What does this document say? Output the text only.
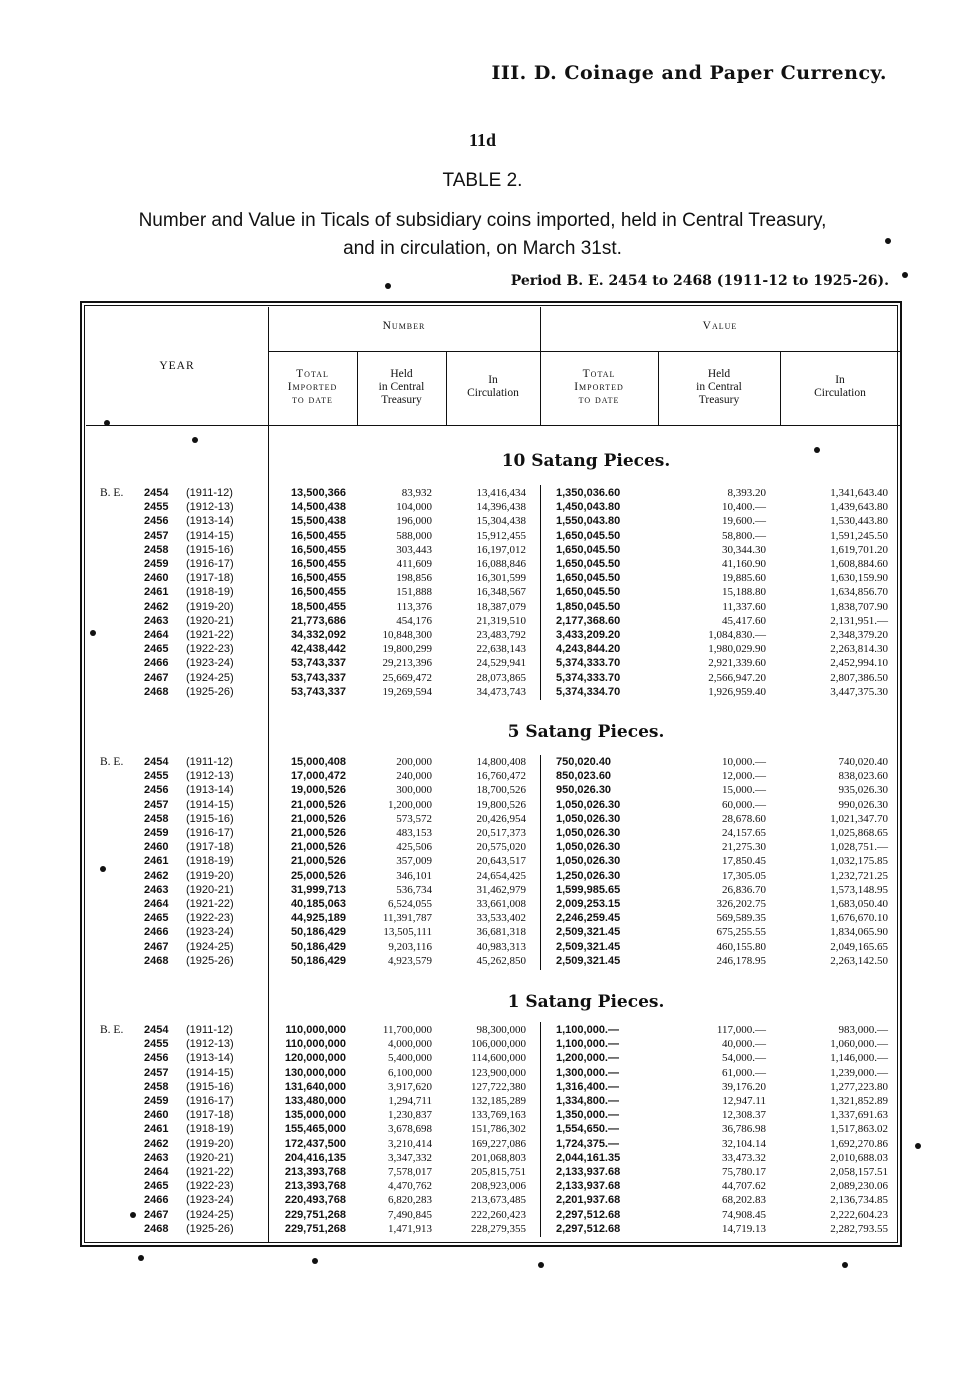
III. D. Coinage and Paper Currency.
11d
TABLE 2.
Number and Value in Ticals of subsidiary coins imported, held in Central Treasury,
and in circulation, on March 31st.
Period B. E. 2454 to 2468 (1911-12 to 1925-26).
YEAR
Number	Value
Total
Imported
to date
Held
in Central
Treasury
In
Circulation
Total
Imported
to date
Held
in Central
Treasury
In
Circulation
10 Satang Pieces.
B. E. 2454 (1911-12)	13,500,366	83,932	13,416,434	1,350,036.60	8,393.20	1,341,643.40
2455 (1912-13)	14,500,438	104,000	14,396,438	1,450,043.80	10,400.—	1,439,643.80
2456 (1913-14)	15,500,438	196,000	15,304,438	1,550,043.80	19,600.—	1,530,443.80
2457 (1914-15)	16,500,455	588,000	15,912,455	1,650,045.50	58,800.—	1,591,245.50
2458 (1915-16)	16,500,455	303,443	16,197,012	1,650,045.50	30,344.30	1,619,701.20
2459 (1916-17)	16,500,455	411,609	16,088,846	1,650,045.50	41,160.90	1,608,884.60
2460 (1917-18)	16,500,455	198,856	16,301,599	1,650,045.50	19,885.60	1,630,159.90
2461 (1918-19)	16,500,455	151,888	16,348,567	1,650,045.50	15,188.80	1,634,856.70
2462 (1919-20)	18,500,455	113,376	18,387,079	1,850,045.50	11,337.60	1,838,707.90
2463 (1920-21)	21,773,686	454,176	21,319,510	2,177,368.60	45,417.60	2,131,951.—
2464 (1921-22)	34,332,092	10,848,300	23,483,792	3,433,209.20	1,084,830.—	2,348,379.20
2465 (1922-23)	42,438,442	19,800,299	22,638,143	4,243,844.20	1,980,029.90	2,263,814.30
2466 (1923-24)	53,743,337	29,213,396	24,529,941	5,374,333.70	2,921,339.60	2,452,994.10
2467 (1924-25)	53,743,337	25,669,472	28,073,865	5,374,333.70	2,566,947.20	2,807,386.50
2468 (1925-26)	53,743,337	19,269,594	34,473,743	5,374,334.70	1,926,959.40	3,447,375.30
5 Satang Pieces.
B. E. 2454 (1911-12)	15,000,408	200,000	14,800,408	750,020.40	10,000.—	740,020.40
2455 (1912-13)	17,000,472	240,000	16,760,472	850,023.60	12,000.—	838,023.60
2456 (1913-14)	19,000,526	300,000	18,700,526	950,026.30	15,000.—	935,026.30
2457 (1914-15)	21,000,526	1,200,000	19,800,526	1,050,026.30	60,000.—	990,026.30
2458 (1915-16)	21,000,526	573,572	20,426,954	1,050,026.30	28,678.60	1,021,347.70
2459 (1916-17)	21,000,526	483,153	20,517,373	1,050,026.30	24,157.65	1,025,868.65
2460 (1917-18)	21,000,526	425,506	20,575,020	1,050,026.30	21,275.30	1,028,751.—
2461 (1918-19)	21,000,526	357,009	20,643,517	1,050,026.30	17,850.45	1,032,175.85
2462 (1919-20)	25,000,526	346,101	24,654,425	1,250,026.30	17,305.05	1,232,721.25
2463 (1920-21)	31,999,713	536,734	31,462,979	1,599,985.65	26,836.70	1,573,148.95
2464 (1921-22)	40,185,063	6,524,055	33,661,008	2,009,253.15	326,202.75	1,683,050.40
2465 (1922-23)	44,925,189	11,391,787	33,533,402	2,246,259.45	569,589.35	1,676,670.10
2466 (1923-24)	50,186,429	13,505,111	36,681,318	2,509,321.45	675,255.55	1,834,065.90
2467 (1924-25)	50,186,429	9,203,116	40,983,313	2,509,321.45	460,155.80	2,049,165.65
2468 (1925-26)	50,186,429	4,923,579	45,262,850	2,509,321.45	246,178.95	2,263,142.50
1 Satang Pieces.
B. E. 2454 (1911-12)	110,000,000	11,700,000	98,300,000	1,100,000.—	117,000.—	983,000.—
2455 (1912-13)	110,000,000	4,000,000	106,000,000	1,100,000.—	40,000.—	1,060,000.—
2456 (1913-14)	120,000,000	5,400,000	114,600,000	1,200,000.—	54,000.—	1,146,000.—
2457 (1914-15)	130,000,000	6,100,000	123,900,000	1,300,000.—	61,000.—	1,239,000.—
2458 (1915-16)	131,640,000	3,917,620	127,722,380	1,316,400.—	39,176.20	1,277,223.80
2459 (1916-17)	133,480,000	1,294,711	132,185,289	1,334,800.—	12,947.11	1,321,852.89
2460 (1917-18)	135,000,000	1,230,837	133,769,163	1,350,000.—	12,308.37	1,337,691.63
2461 (1918-19)	155,465,000	3,678,698	151,786,302	1,554,650.—	36,786.98	1,517,863.02
2462 (1919-20)	172,437,500	3,210,414	169,227,086	1,724,375.—	32,104.14	1,692,270.86
2463 (1920-21)	204,416,135	3,347,332	201,068,803	2,044,161.35	33,473.32	2,010,688.03
2464 (1921-22)	213,393,768	7,578,017	205,815,751	2,133,937.68	75,780.17	2,058,157.51
2465 (1922-23)	213,393,768	4,470,762	208,923,006	2,133,937.68	44,707.62	2,089,230.06
2466 (1923-24)	220,493,768	6,820,283	213,673,485	2,201,937.68	68,202.83	2,136,734.85
2467 (1924-25)	229,751,268	7,490,845	222,260,423	2,297,512.68	74,908.45	2,222,604.23
2468 (1925-26)	229,751,268	1,471,913	228,279,355	2,297,512.68	14,719.13	2,282,793.55
